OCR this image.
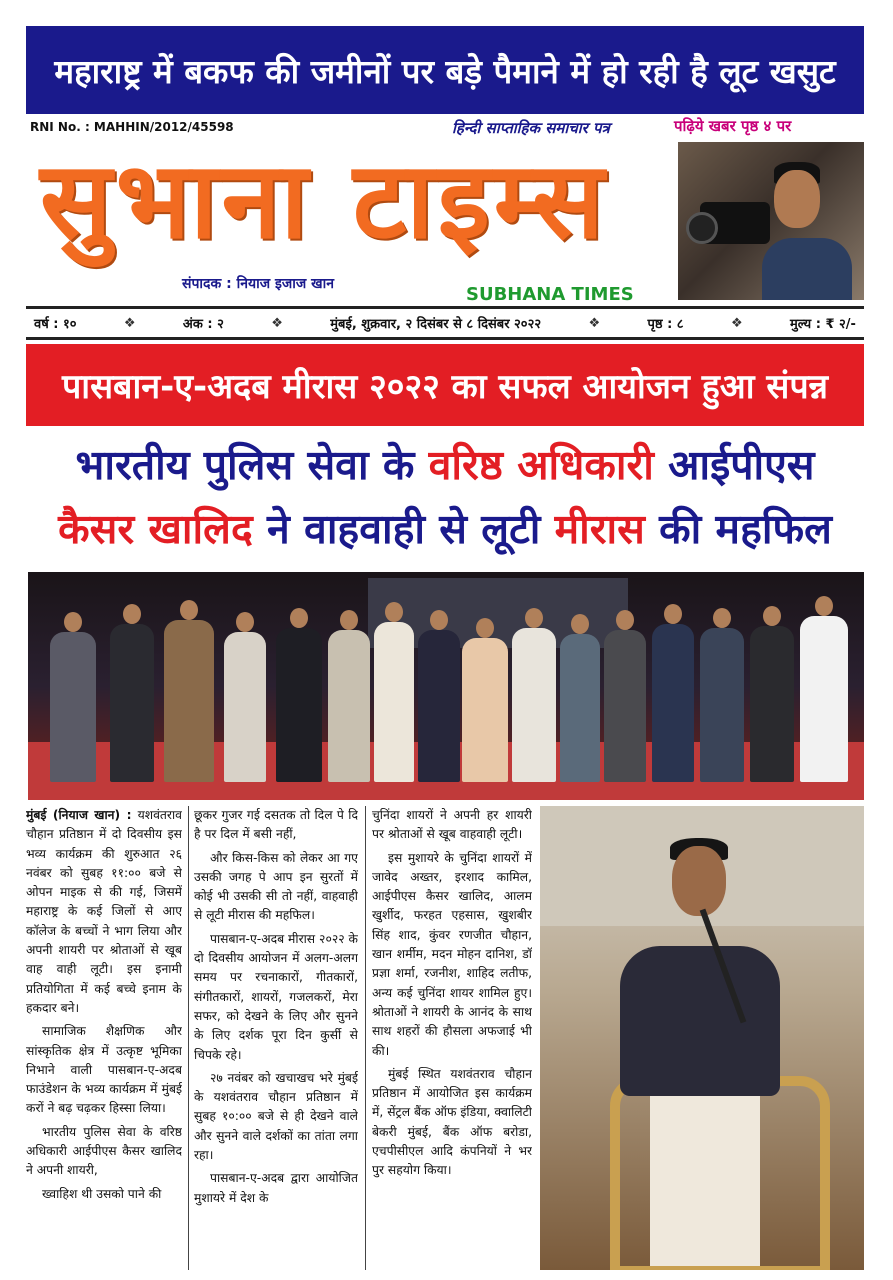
महाराष्ट्र में बकफ की जमीनों पर बड़े पैमाने में हो रही है लूट खसुट
RNI No. : MAHHIN/2012/45598	हिन्दी साप्ताहिक समाचार पत्र	पढ़िये खबर पृष्ठ ४ पर
सुभाना टाइम्स
संपादक : नियाज इजाज खान	SUBHANA TIMES
वर्ष : १०	❖	अंक : २	❖	मुंबई, शुक्रवार, २ दिसंबर से ८ दिसंबर २०२२	❖	पृष्ठ : ८	❖	मुल्य : ₹ २/-
पासबान-ए-अदब मीरास २०२२ का सफल आयोजन हुआ संपन्न
भारतीय पुलिस सेवा के वरिष्ठ अधिकारी आईपीएस
कैसर खालिद ने वाहवाही से लूटी मीरास की महफिल

मुंबई (नियाज खान) : यशवंतराव चौहान प्रतिष्ठान में दो दिवसीय इस भव्य कार्यक्रम की शुरुआत २६ नवंबर को सुबह ११:०० बजे से ओपन माइक से की गई, जिसमें महाराष्ट्र के कई जिलों से आए कॉलेज के बच्चों ने भाग लिया और अपनी शायरी पर श्रोताओं से खूब वाह वाही लूटी। इस इनामी प्रतियोगिता में कई बच्चे इनाम के हकदार बने।

सामाजिक शैक्षणिक और सांस्कृतिक क्षेत्र में उत्कृष्ट भूमिका निभाने वाली पासबान-ए-अदब फाउंडेशन के भव्य कार्यक्रम में मुंबई करों ने बढ़ चढ़कर हिस्सा लिया।

भारतीय पुलिस सेवा के वरिष्ठ अधिकारी आईपीएस कैसर खालिद ने अपनी शायरी,

ख्वाहिश थी उसको पाने की

छूकर गुजर गई दसतक तो दिल पे दि है पर दिल में बसी नहीं,

और किस-किस को लेकर आ गए उसकी जगह पे आप इन सुरतों में कोई भी उसकी सी तो नहीं, वाहवाही से लूटी मीरास की महफिल।

पासबान-ए-अदब मीरास २०२२ के दो दिवसीय आयोजन में अलग-अलग समय पर रचनाकारों, गीतकारों, संगीतकारों, शायरों, गजलकरों, मेरा सफर, को देखने के लिए और सुनने के लिए दर्शक पूरा दिन कुर्सी से चिपके रहे।

२७ नवंबर को खचाखच भरे मुंबई के यशवंतराव चौहान प्रतिष्ठान में सुबह १०:०० बजे से ही देखने वाले और सुनने वाले दर्शकों का तांता लगा रहा।

पासबान-ए-अदब द्वारा आयोजित मुशायरे में देश के

चुनिंदा शायरों ने अपनी हर शायरी पर श्रोताओं से खूब वाहवाही लूटी।

इस मुशायरे के चुनिंदा शायरों में जावेद अख्तर, इरशाद कामिल, आईपीएस कैसर खालिद, आलम खुर्शीद, फरहत एहसास, खुशबीर सिंह शाद, कुंवर रणजीत चौहान, खान शर्मीम, मदन मोहन दानिश, डॉ प्रज्ञा शर्मा, रजनीश, शाहिद लतीफ, अन्य कई चुनिंदा शायर शामिल हुए। श्रोताओं ने शायरी के आनंद के साथ साथ शहरों की हौसला अफजाई भी की।

मुंबई स्थित यशवंतराव चौहान प्रतिष्ठान में आयोजित इस कार्यक्रम में, सेंट्रल बैंक ऑफ इंडिया, क्वालिटी बेकरी मुंबई, बैंक ऑफ बरोडा, एचपीसीएल आदि कंपनियों ने भर पुर सहयोग किया।
